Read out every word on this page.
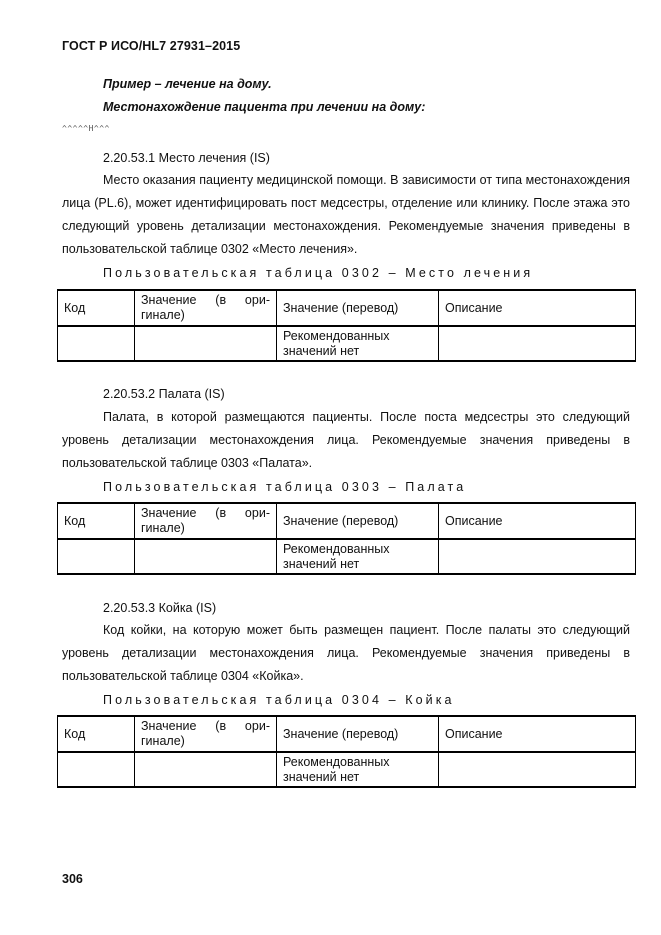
ГОСТ Р ИСО/HL7 27931–2015
Пример – лечение на дому.
Местонахождение пациента при лечении на дому:
^^^^^H^^^
2.20.53.1 Место лечения (IS)

Место оказания пациенту медицинской помощи. В зависимости от типа местонахождения лица (PL.6), может идентифицировать пост медсестры, отделение или клинику. После этажа это следующий уровень детализации местонахождения. Рекомендуемые значения приведены в пользовательской таблице 0302 «Место лечения».

Пользовательская таблица 0302 – Место лечения
Код	Значение (в оригинале)	Значение (перевод)	Описание
		Рекомендованных значений нет	
2.20.53.2 Палата (IS)

Палата, в которой размещаются пациенты. После поста медсестры это следующий уровень детализации местонахождения лица. Рекомендуемые значения приведены в пользовательской таблице 0303 «Палата».

Пользовательская таблица 0303 – Палата
Код	Значение (в оригинале)	Значение (перевод)	Описание
		Рекомендованных значений нет	
2.20.53.3 Койка (IS)

Код койки, на которую может быть размещен пациент. После палаты это следующий уровень детализации местонахождения лица. Рекомендуемые значения приведены в пользовательской таблице 0304 «Койка».

Пользовательская таблица 0304 – Койка
Код	Значение (в оригинале)	Значение (перевод)	Описание
		Рекомендованных значений нет	
306
